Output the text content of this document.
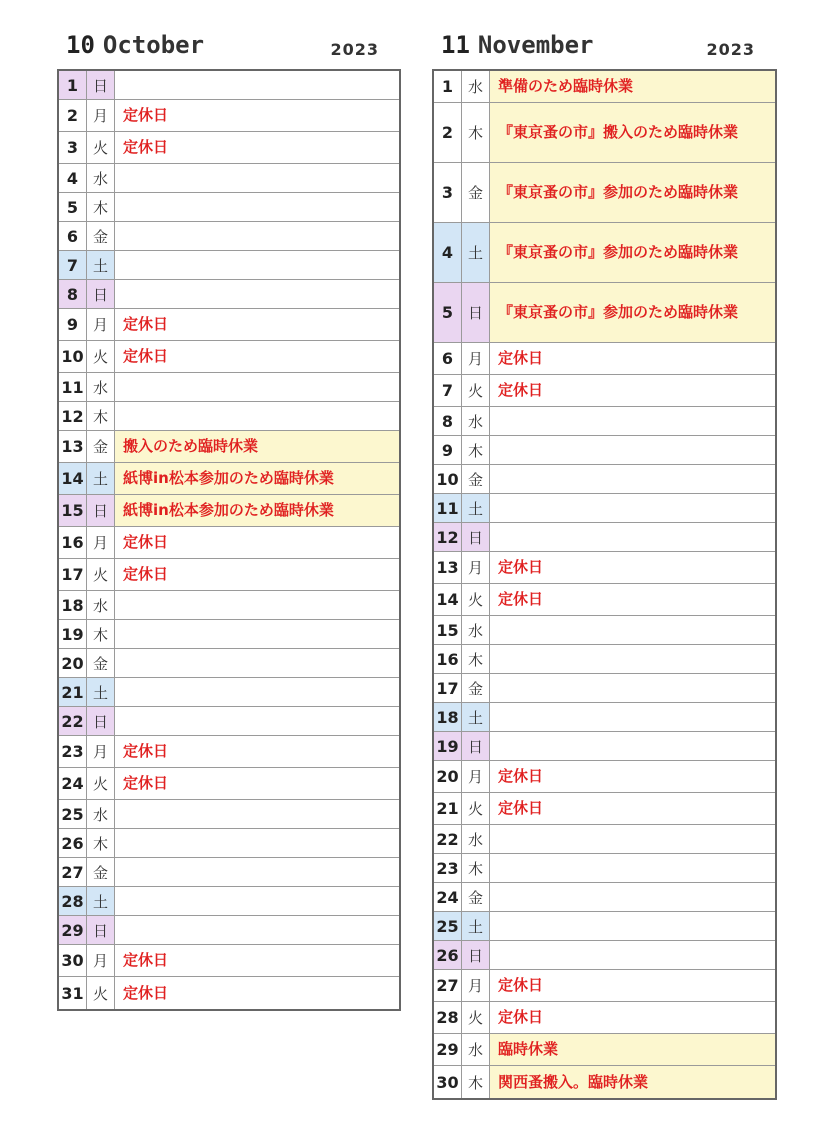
10 October	2023
1 日
2 月	定休日
3 火	定休日
4 水
5 木
6 金
7 土
8 日
9 月	定休日
10 火	定休日
11 水
12 木
13 金	搬入のため臨時休業
14 土	紙博in松本参加のため臨時休業
15 日	紙博in松本参加のため臨時休業
16 月	定休日
17 火	定休日
18 水
19 木
20 金
21 土
22 日
23 月	定休日
24 火	定休日
25 水
26 木
27 金
28 土
29 日
30 月	定休日
31 火	定休日
11 November	2023
1 水	準備のため臨時休業
2 木	『東京蚤の市』搬入のため臨時休業
3 金	『東京蚤の市』参加のため臨時休業
4 土	『東京蚤の市』参加のため臨時休業
5 日	『東京蚤の市』参加のため臨時休業
6 月	定休日
7 火	定休日
8 水
9 木
10 金
11 土
12 日
13 月	定休日
14 火	定休日
15 水
16 木
17 金
18 土
19 日
20 月	定休日
21 火	定休日
22 水
23 木
24 金
25 土
26 日
27 月	定休日
28 火	定休日
29 水	臨時休業
30 木	関西蚤搬入。臨時休業
